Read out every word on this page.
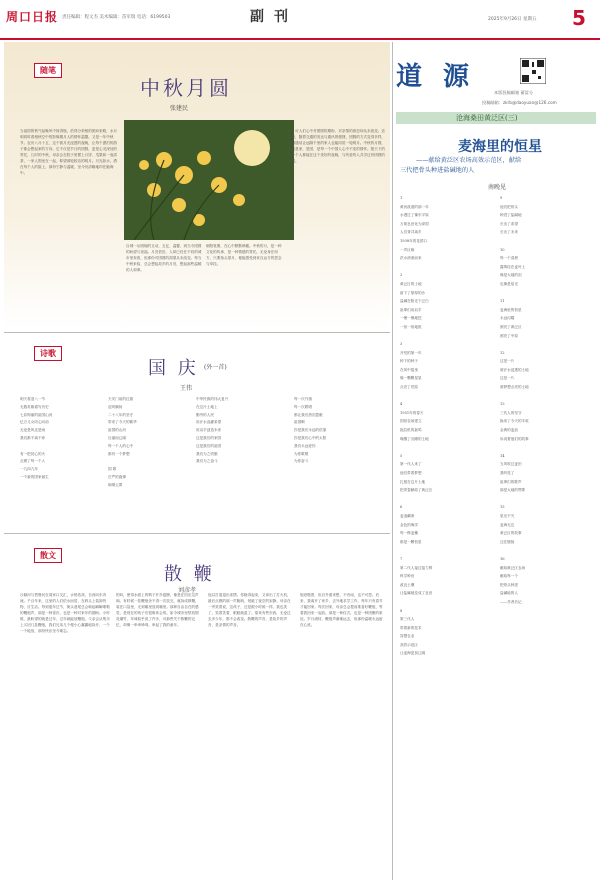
周口日报 责任编辑：程文杰 美术编辑：苗军瑞 电话：6199503	副刊	2025年9月26日 星期五 5
随笔
中秋月圆
张建民
当祖国的秋气起晚风中掠得瓶，依得分采相的团问来路，水月明同时看相秋空中的影像期月人的情怀温馨。又是一年中秋节。农历八月十五，这个被月光浸透的夜晚，让每个漂泊的游子都会想起家的方向。它不仅是节日的团圆，更是心灵深处的寄托，儿时的中秋，母亲会在院子里摆上月饼、瓜果和一壶清茶，一家人围坐在一起，仰望那轮皎洁的明月。月光如水，洒在每个人的脸上，那份宁静与温暖，至今仍清晰地印在脑海中。
百城一从明镜的互动，五亿、温馨，到当今团圆的盼望与祝福。月亮依旧，人却已经在不同的城市里奔波，但那份对团圆的渴望从未改变。每当中秋来临，总会想起故乡的月亮，想起那些温暖的人和事。
朝阳笔墨，在心中默默珍藏。中秋的月，是一种文化的传承，是一种情感的寄托。无论身在何方，只要抬头望月，便能感受到来自远方的思念与牵挂。
化，可人们心中对团圆的期盼，对亲情的眷恋却从未改变。近年来，随着交通的发达与通讯的便捷，团圆的方式变得多样，视频通话让远隔千里的家人也能同赏一轮明月。中秋的月圆，圆的是家，是国，是每一个中国人心中不变的情怀。愿天下的每一个人都能在这个美好的夜晚，与所爱的人共享这份团圆的喜悦。
诗歌
国 庆 (外一首)
王伟
明天将迎八一节
无数英雄谱写历史
七彩绚丽的祖国山河
亿万儿女同心向前
无论是风还是雨
我们都不离不弃

有一把初心的火
点燃了每一个人
一九四九年
一个新的国家诞生
天安门前的红旗
迎风飘扬
二十八年的坚守
带来了今天的繁华
祖国的山河
壮丽而辽阔
每一个人的心中
都有一个梦想

国 歌
庄严的旋律
响彻云霄
中华民族的伟大复兴
在这片土地上
勤劳的人民
用汗水浇灌希望
用双手创造未来
这是我们的家园
这是我们的祖国
我们为之骄傲
我们为之奋斗
每一次升旗
每一次歌唱
都让我们热泪盈眶
祖国啊
你是我们永远的依靠
你是我们心中的太阳
我们永远爱你
为你歌唱
为你奋斗
散文
散 鞭
刘彦孝
沙颖河与贾鲁河在周家口交汇，水势浩荡，自西向东奔流。千百年来，这里的人们依水而居，在码头上装卸货物，讨生活。每到逢年过节，街头巷尾总会响起噼噼啪啪的鞭炮声，那是一种喜庆，也是一种对来年的期盼。小时候，最盼望的就是过年，过年就能放鞭炮。父亲会从集市上买回几挂鞭炮，我们兄弟几个便小心翼翼地拆开，一个一个地放，那份快乐至今难忘。
的叫，使得水面上的鸭子扑扑翅膀，像是在回应这声响。有时候一挂鞭炮舍不得一次放完，就拆成散鞭，装在口袋里，走到哪里放到哪里。那种自由自在的感觉，是现在的孩子们很难体会的。如今城市里禁放烟花爆竹，年味似乎淡了许多，可那些关于散鞭的记忆，却像一串串珍珠，串起了我的童年。
他以打退退出来摆。你晓得起来，又拿出了打火机，最后点燃的那一声脆响，划破了夜空的寂静。母亲在一旁笑着说，这孩子，还是跟小时候一样。我也笑了，笑着笑着，眼眶就湿了。原来有些东西，无论过去多少年，都不会改变。散鞭的声音，是故乡的声音，是亲情的声音。
炮爱燃着，但自外面来想，不有闲，也不可思。后来，我离开了家乡，去外地求学工作，每年只有春节才能回家。每次回家，母亲总会提前准备好鞭炮，等着我回来一起放。那是一种仪式，也是一种团聚的象征。岁月流转，鞭炮声渐渐远去，但那份温暖永远留在心底。
道 源
本版投稿邮箱 蓄富分
投稿邮箱：zkrb@daoyuan@126.com
沧海桑田黄泛区(三)
麦海里的恒星
——献给黄泛区农场高效示范区，献给
三代把骨头种进盐碱地的人
南晚见
1
黄河改道的那一年
水漫过了豫东平原
万顷良田化为泽国
人们背井离乡
1938年的花园口
一声巨响
洪水滚滚而来

2
黄泛区的土地
留下了厚厚的沙
盐碱在阳光下泛白
祖辈们用双手
一锹一锹地挖
一担一担地挑

3
开荒的第一年
种下的种子
在风中摇曳
像一颗颗星星
点亮了荒原

4
1951年的春天
国营农场建立
拖拉机的轰鸣
唤醒了沉睡的土地

5
第一代人来了
他们带着梦想
扎根在这片土地
把青春献给了黄泛区

6
麦浪翻滚
金色的海洋
每一株麦穗
都是一颗恒星

7
第二代人接过接力棒
科学种田
改良土壤
让盐碱地变成了良田

8
第三代人
带着新的技术
智慧农业
高效示范区
让麦海更加辽阔
9
他们把骨头
种进了盐碱地
长出了希望
长出了未来

10
每一个清晨
露珠挂在麦叶上
像是大地的泪
也像是星光

11
麦海里的恒星
永远闪耀
照亮了黄泛区
照亮了中原

12
这是一片
被汗水浸透的土地
这是一片
被梦想点亮的土地

13
三代人的坚守
换来了今天的丰收
金黄的麦浪
诉说着他们的故事

14
当风吹过麦田
我听见了
祖辈们的歌声
那是大地的赞歌

15
星光不灭
麦海无边
黄泛区的故事
还在继续

16
献给黄泛区农场
献给每一个
把骨头种进
盐碱地的人
——作者后记
